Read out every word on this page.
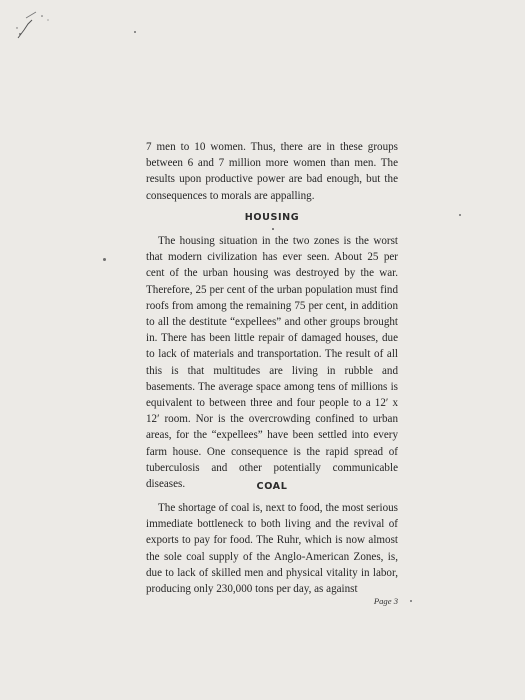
7 men to 10 women. Thus, there are in these groups between 6 and 7 million more women than men. The results upon productive power are bad enough, but the consequences to morals are appalling.

HOUSING

The housing situation in the two zones is the worst that modern civilization has ever seen. About 25 per cent of the urban housing was destroyed by the war. Therefore, 25 per cent of the urban population must find roofs from among the remaining 75 per cent, in addition to all the destitute “expellees” and other groups brought in. There has been little repair of damaged houses, due to lack of materials and transportation. The result of all this is that multitudes are living in rubble and basements. The average space among tens of millions is equivalent to between three and four people to a 12′ x 12′ room. Nor is the overcrowding confined to urban areas, for the “expellees” have been settled into every farm house. One consequence is the rapid spread of tuberculosis and other potentially communicable diseases.	COAL

The shortage of coal is, next to food, the most serious immediate bottleneck to both living and the revival of exports to pay for food. The Ruhr, which is now almost the sole coal supply of the Anglo-American Zones, is, due to lack of skilled men and physical vitality in labor, producing only 230,000 tons per day, as against

Page 3
